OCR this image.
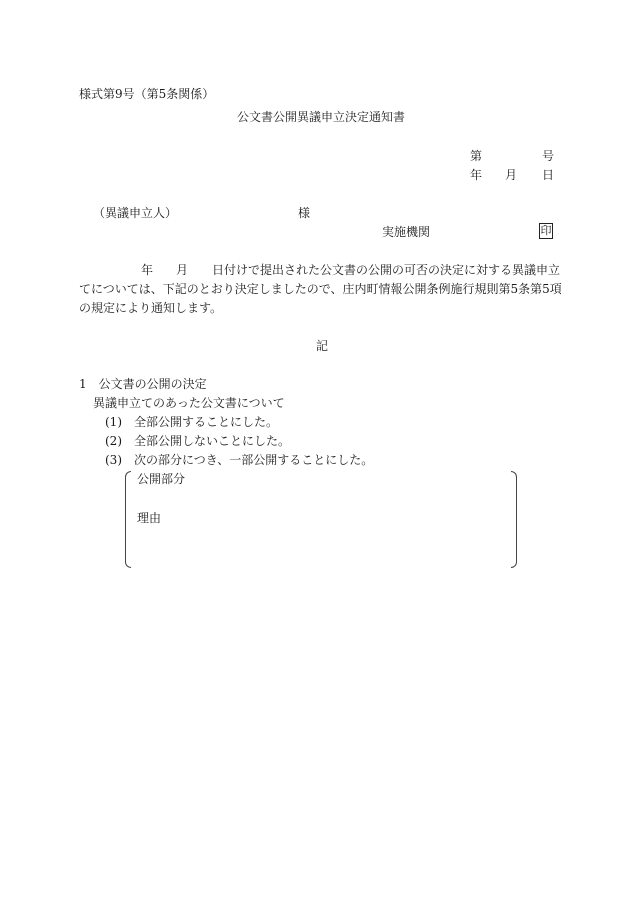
様式第9号（第5条関係）

公文書公開異議申立決定通知書

第	号

年 月 日

（異議申立人）	様

実施機関	印

年 月 日付けで提出された公文書の公開の可否の決定に対する異議申立

てについては、下記のとおり決定しましたので、庄内町情報公開条例施行規則第5条第5項

の規定により通知します。

記

1　公文書の公開の決定

異議申立てのあった公文書について

(1) 全部公開することにした。

(2) 全部公開しないことにした。

(3) 次の部分につき、一部公開することにした。

公開部分

理由
